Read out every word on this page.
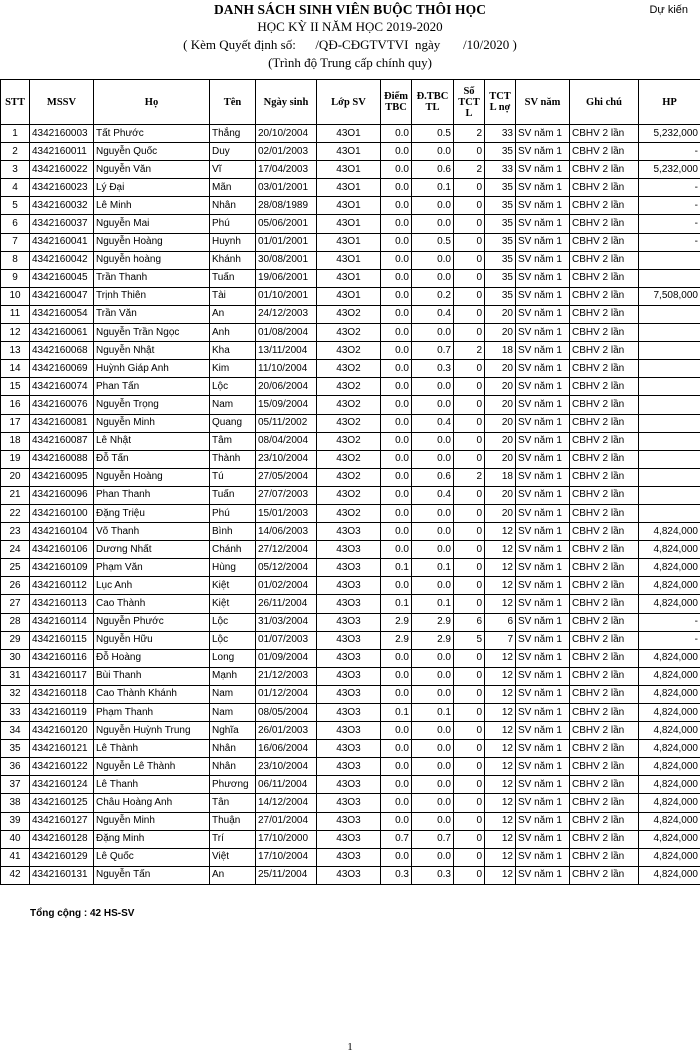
DANH SÁCH SINH VIÊN BUỘC THÔI HỌC
HỌC KỲ II NĂM HỌC 2019-2020
( Kèm Quyết định số:      /QĐ-CĐGTVTVI  ngày       /10/2020 )
(Trình độ Trung cấp chính quy)
Dự kiến
STT	MSSV	Họ	Tên	Ngày sinh	Lớp SV	Điểm TBC	Đ.TBC TL	Số TCT L	TCT L nợ	SV năm	Ghi chú	HP
1	4342160003	Tất Phước	Thắng	20/10/2004	43O1	0.0	0.5	2	33	SV năm 1	CBHV 2 lần	5,232,000
2	4342160011	Nguyễn Quốc	Duy	02/01/2003	43O1	0.0	0.0	0	35	SV năm 1	CBHV 2 lần	-
3	4342160022	Nguyễn Văn	Vĩ	17/04/2003	43O1	0.0	0.6	2	33	SV năm 1	CBHV 2 lần	5,232,000
4	4342160023	Lý Đại	Mãn	03/01/2001	43O1	0.0	0.1	0	35	SV năm 1	CBHV 2 lần	-
5	4342160032	Lê Minh	Nhân	28/08/1989	43O1	0.0	0.0	0	35	SV năm 1	CBHV 2 lần	-
6	4342160037	Nguyễn Mai	Phú	05/06/2001	43O1	0.0	0.0	0	35	SV năm 1	CBHV 2 lần	-
7	4342160041	Nguyễn Hoàng	Huynh	01/01/2001	43O1	0.0	0.5	0	35	SV năm 1	CBHV 2 lần	-
8	4342160042	Nguyễn hoàng	Khánh	30/08/2001	43O1	0.0	0.0	0	35	SV năm 1	CBHV 2 lần	
9	4342160045	Trần Thanh	Tuấn	19/06/2001	43O1	0.0	0.0	0	35	SV năm 1	CBHV 2 lần	
10	4342160047	Trịnh Thiên	Tài	01/10/2001	43O1	0.0	0.2	0	35	SV năm 1	CBHV 2 lần	7,508,000
11	4342160054	Trần Văn	An	24/12/2003	43O2	0.0	0.4	0	20	SV năm 1	CBHV 2 lần	
12	4342160061	Nguyễn Trần Ngọc	Anh	01/08/2004	43O2	0.0	0.0	0	20	SV năm 1	CBHV 2 lần	
13	4342160068	Nguyễn Nhật	Kha	13/11/2004	43O2	0.0	0.7	2	18	SV năm 1	CBHV 2 lần	
14	4342160069	Huỳnh Giáp Anh	Kim	11/10/2004	43O2	0.0	0.3	0	20	SV năm 1	CBHV 2 lần	
15	4342160074	Phan Tấn	Lộc	20/06/2004	43O2	0.0	0.0	0	20	SV năm 1	CBHV 2 lần	
16	4342160076	Nguyễn Trọng	Nam	15/09/2004	43O2	0.0	0.0	0	20	SV năm 1	CBHV 2 lần	
17	4342160081	Nguyễn Minh	Quang	05/11/2002	43O2	0.0	0.4	0	20	SV năm 1	CBHV 2 lần	
18	4342160087	Lê Nhật	Tâm	08/04/2004	43O2	0.0	0.0	0	20	SV năm 1	CBHV 2 lần	
19	4342160088	Đỗ Tấn	Thành	23/10/2004	43O2	0.0	0.0	0	20	SV năm 1	CBHV 2 lần	
20	4342160095	Nguyễn Hoàng	Tú	27/05/2004	43O2	0.0	0.6	2	18	SV năm 1	CBHV 2 lần	
21	4342160096	Phan Thanh	Tuấn	27/07/2003	43O2	0.0	0.4	0	20	SV năm 1	CBHV 2 lần	
22	4342160100	Đặng Triệu	Phú	15/01/2003	43O2	0.0	0.0	0	20	SV năm 1	CBHV 2 lần	
23	4342160104	Võ Thanh	Bình	14/06/2003	43O3	0.0	0.0	0	12	SV năm 1	CBHV 2 lần	4,824,000
24	4342160106	Dương Nhất	Chánh	27/12/2004	43O3	0.0	0.0	0	12	SV năm 1	CBHV 2 lần	4,824,000
25	4342160109	Phạm Văn	Hùng	05/12/2004	43O3	0.1	0.1	0	12	SV năm 1	CBHV 2 lần	4,824,000
26	4342160112	Lục Anh	Kiệt	01/02/2004	43O3	0.0	0.0	0	12	SV năm 1	CBHV 2 lần	4,824,000
27	4342160113	Cao Thành	Kiệt	26/11/2004	43O3	0.1	0.1	0	12	SV năm 1	CBHV 2 lần	4,824,000
28	4342160114	Nguyễn Phước	Lộc	31/03/2004	43O3	2.9	2.9	6	6	SV năm 1	CBHV 2 lần	-
29	4342160115	Nguyễn Hữu	Lộc	01/07/2003	43O3	2.9	2.9	5	7	SV năm 1	CBHV 2 lần	-
30	4342160116	Đỗ Hoàng	Long	01/09/2004	43O3	0.0	0.0	0	12	SV năm 1	CBHV 2 lần	4,824,000
31	4342160117	Bùi Thanh	Mạnh	21/12/2003	43O3	0.0	0.0	0	12	SV năm 1	CBHV 2 lần	4,824,000
32	4342160118	Cao Thành Khánh	Nam	01/12/2004	43O3	0.0	0.0	0	12	SV năm 1	CBHV 2 lần	4,824,000
33	4342160119	Phạm Thanh	Nam	08/05/2004	43O3	0.1	0.1	0	12	SV năm 1	CBHV 2 lần	4,824,000
34	4342160120	Nguyễn Huỳnh Trung	Nghĩa	26/01/2003	43O3	0.0	0.0	0	12	SV năm 1	CBHV 2 lần	4,824,000
35	4342160121	Lê Thành	Nhân	16/06/2004	43O3	0.0	0.0	0	12	SV năm 1	CBHV 2 lần	4,824,000
36	4342160122	Nguyễn Lê Thành	Nhân	23/10/2004	43O3	0.0	0.0	0	12	SV năm 1	CBHV 2 lần	4,824,000
37	4342160124	Lê Thanh	Phương	06/11/2004	43O3	0.0	0.0	0	12	SV năm 1	CBHV 2 lần	4,824,000
38	4342160125	Châu Hoàng Anh	Tân	14/12/2004	43O3	0.0	0.0	0	12	SV năm 1	CBHV 2 lần	4,824,000
39	4342160127	Nguyễn Minh	Thuận	27/01/2004	43O3	0.0	0.0	0	12	SV năm 1	CBHV 2 lần	4,824,000
40	4342160128	Đặng Minh	Trí	17/10/2000	43O3	0.7	0.7	0	12	SV năm 1	CBHV 2 lần	4,824,000
41	4342160129	Lê Quốc	Việt	17/10/2004	43O3	0.0	0.0	0	12	SV năm 1	CBHV 2 lần	4,824,000
42	4342160131	Nguyễn Tấn	An	25/11/2004	43O3	0.3	0.3	0	12	SV năm 1	CBHV 2 lần	4,824,000
Tổng cộng : 42 HS-SV
1
